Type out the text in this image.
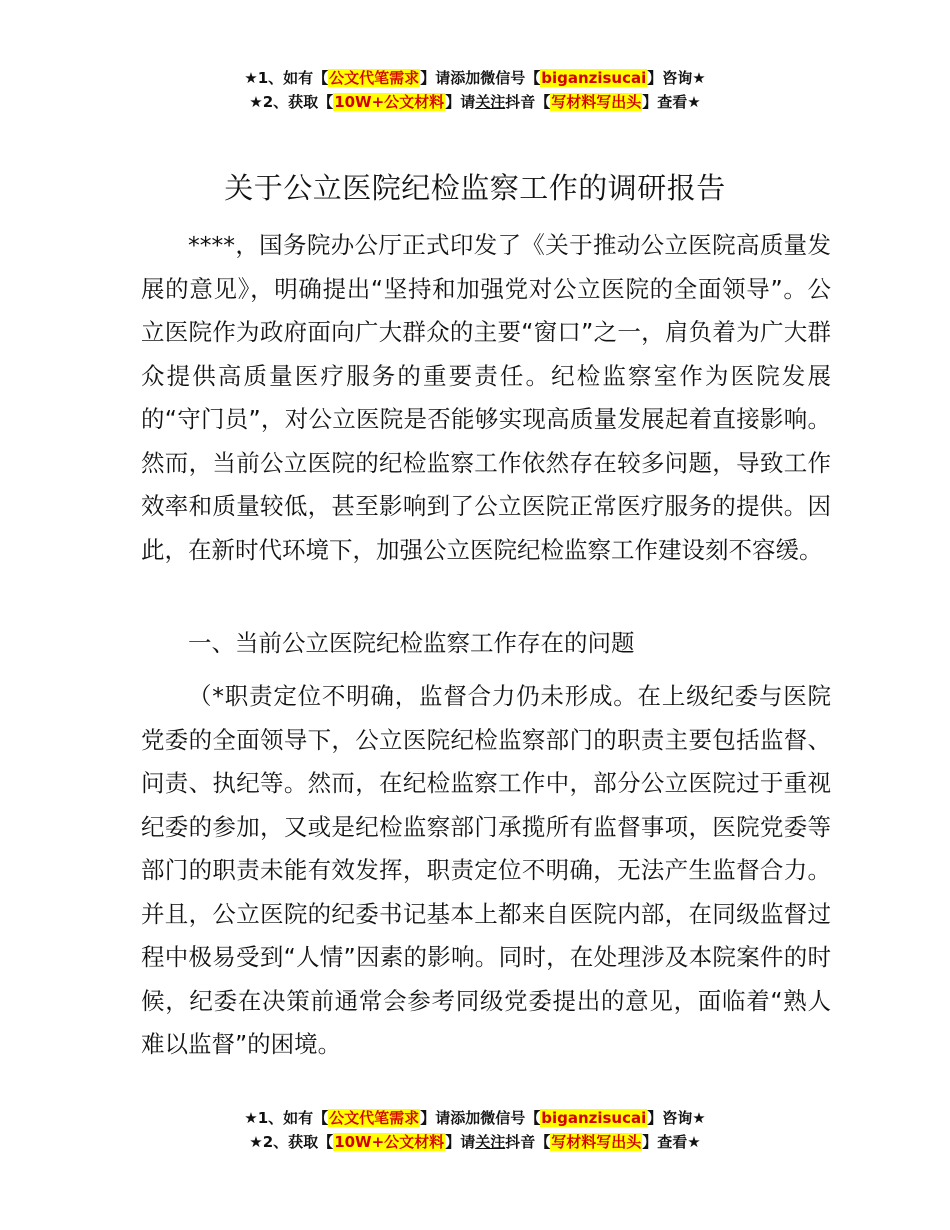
★1、如有【公文代笔需求】请添加微信号【biganzisucai】咨询★
★2、获取【10W+公文材料】请关注抖音【写材料写出头】查看★
关于公立医院纪检监察工作的调研报告

****，国务院办公厅正式印发了《关于推动公立医院高质量发展的意见》，明确提出“坚持和加强党对公立医院的全面领导”。公立医院作为政府面向广大群众的主要“窗口”之一，肩负着为广大群众提供高质量医疗服务的重要责任。纪检监察室作为医院发展的“守门员”，对公立医院是否能够实现高质量发展起着直接影响。然而，当前公立医院的纪检监察工作依然存在较多问题，导致工作效率和质量较低，甚至影响到了公立医院正常医疗服务的提供。因此，在新时代环境下，加强公立医院纪检监察工作建设刻不容缓。

一、当前公立医院纪检监察工作存在的问题

（*职责定位不明确，监督合力仍未形成。在上级纪委与医院党委的全面领导下，公立医院纪检监察部门的职责主要包括监督、问责、执纪等。然而，在纪检监察工作中，部分公立医院过于重视纪委的参加，又或是纪检监察部门承揽所有监督事项，医院党委等部门的职责未能有效发挥，职责定位不明确，无法产生监督合力。并且，公立医院的纪委书记基本上都来自医院内部，在同级监督过程中极易受到“人情”因素的影响。同时，在处理涉及本院案件的时候，纪委在决策前通常会参考同级党委提出的意见，面临着“熟人难以监督”的困境。

★1、如有【公文代笔需求】请添加微信号【biganzisucai】咨询★
★2、获取【10W+公文材料】请关注抖音【写材料写出头】查看★
